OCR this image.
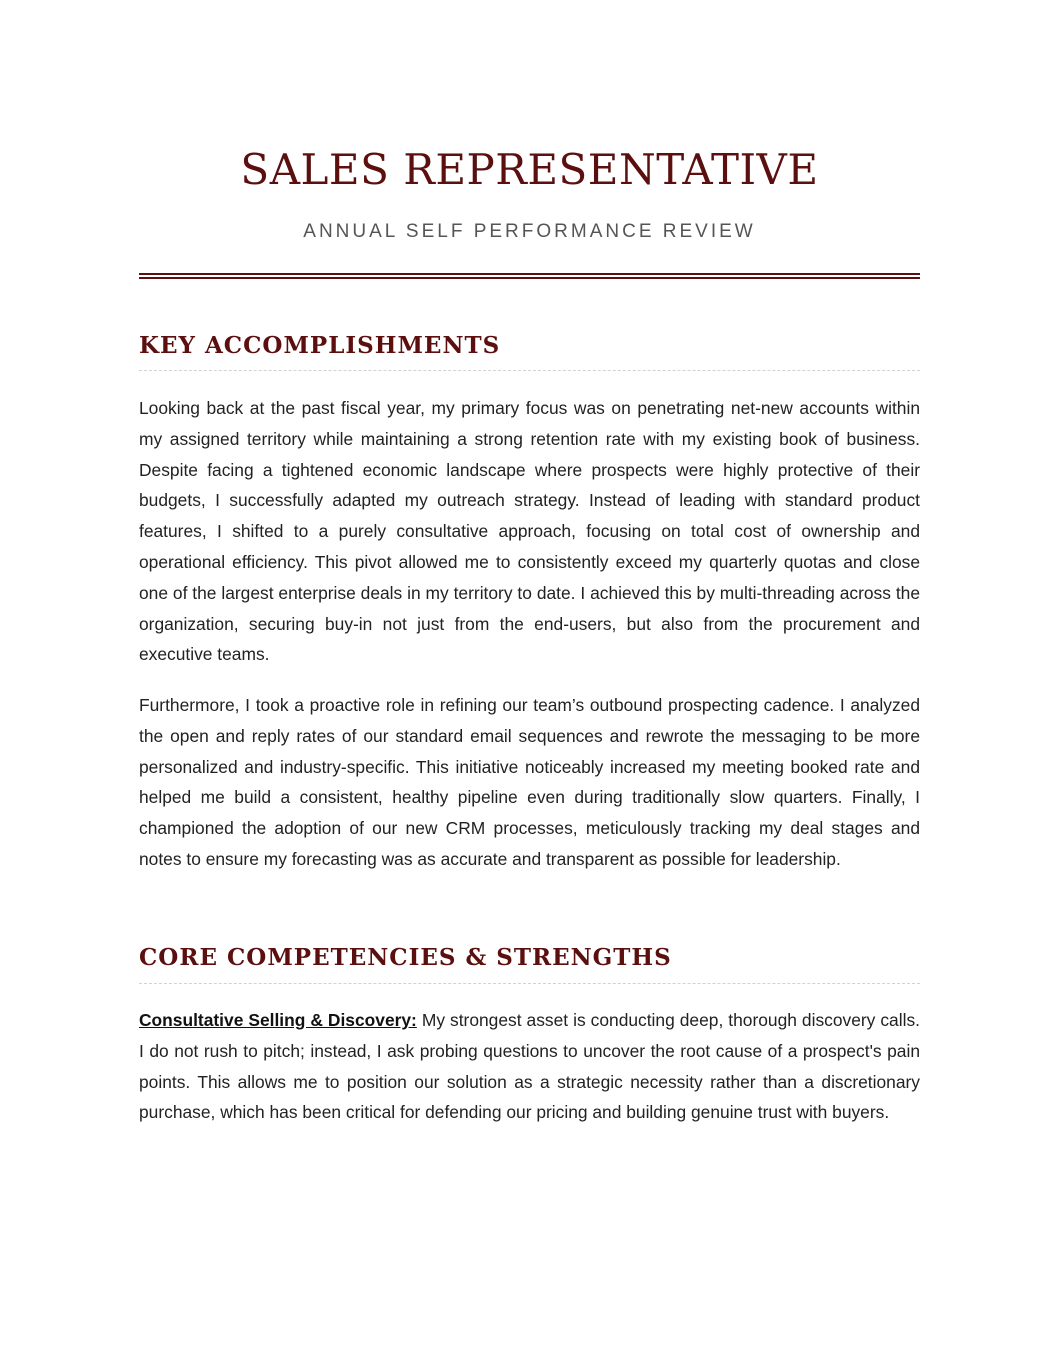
SALES REPRESENTATIVE
ANNUAL SELF PERFORMANCE REVIEW
KEY ACCOMPLISHMENTS

Looking back at the past fiscal year, my primary focus was on penetrating net-new accounts within my assigned territory while maintaining a strong retention rate with my existing book of business. Despite facing a tightened economic landscape where prospects were highly protective of their budgets, I successfully adapted my outreach strategy. Instead of leading with standard product features, I shifted to a purely consultative approach, focusing on total cost of ownership and operational efficiency. This pivot allowed me to consistently exceed my quarterly quotas and close one of the largest enterprise deals in my territory to date. I achieved this by multi-threading across the organization, securing buy-in not just from the end-users, but also from the procurement and executive teams.

Furthermore, I took a proactive role in refining our team’s outbound prospecting cadence. I analyzed the open and reply rates of our standard email sequences and rewrote the messaging to be more personalized and industry-specific. This initiative noticeably increased my meeting booked rate and helped me build a consistent, healthy pipeline even during traditionally slow quarters. Finally, I championed the adoption of our new CRM processes, meticulously tracking my deal stages and notes to ensure my forecasting was as accurate and transparent as possible for leadership.

CORE COMPETENCIES & STRENGTHS

Consultative Selling & Discovery: My strongest asset is conducting deep, thorough discovery calls. I do not rush to pitch; instead, I ask probing questions to uncover the root cause of a prospect's pain points. This allows me to position our solution as a strategic necessity rather than a discretionary purchase, which has been critical for defending our pricing and building genuine trust with buyers.
